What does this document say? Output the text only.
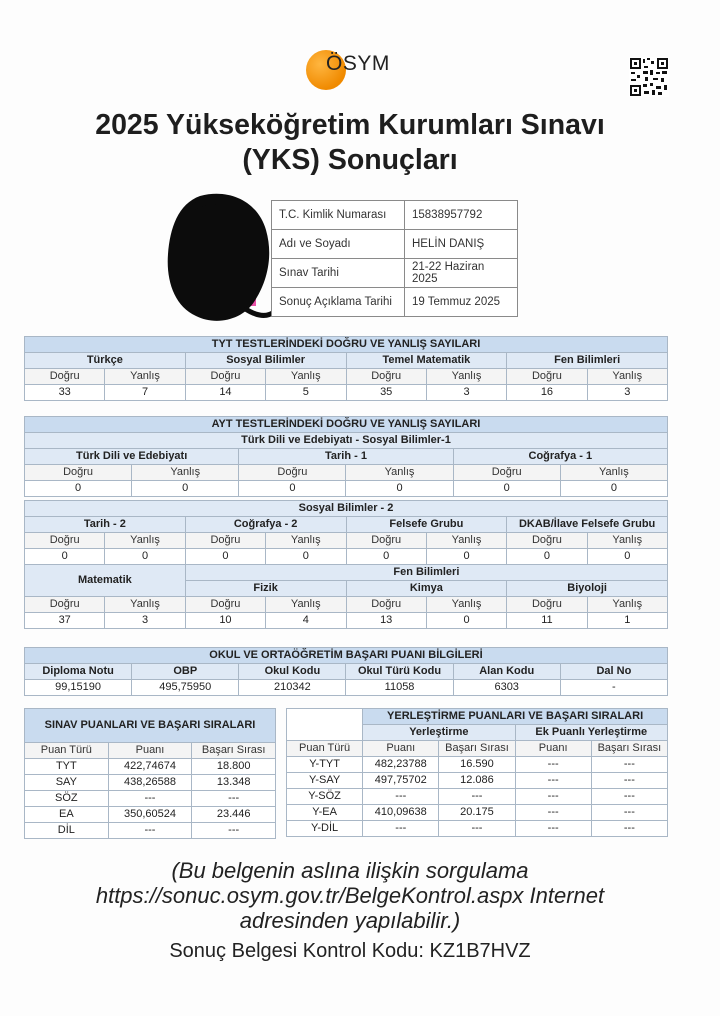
ÖSYM
2025 Yükseköğretim Kurumları Sınavı
(YKS) Sonuçları
T.C. Kimlik Numarası	15838957792
Adı ve Soyadı	HELİN DANIŞ
Sınav Tarihi	21-22 Haziran 2025
Sonuç Açıklama Tarihi	19 Temmuz 2025
TYT TESTLERİNDEKİ DOĞRU VE YANLIŞ SAYILARI							
Türkçe		Sosyal Bilimler		Temel Matematik		Fen Bilimleri	
Doğru	Yanlış	Doğru	Yanlış	Doğru	Yanlış	Doğru	Yanlış
33	7	14	5	35	3	16	3
AYT TESTLERİNDEKİ DOĞRU VE YANLIŞ SAYILARI					
Türk Dili ve Edebiyatı - Sosyal Bilimler-1					
Türk Dili ve Edebiyatı		Tarih - 1		Coğrafya - 1	
Doğru	Yanlış	Doğru	Yanlış	Doğru	Yanlış
0	0	0	0	0	0
Sosyal Bilimler - 2							
Tarih - 2		Coğrafya - 2		Felsefe Grubu		DKAB/İlave Felsefe Grubu	
Doğru	Yanlış	Doğru	Yanlış	Doğru	Yanlış	Doğru	Yanlış
0	0	0	0	0	0	0	0
Matematik		Fen Bilimleri					
		Fizik		Kimya		Biyoloji	
Doğru	Yanlış	Doğru	Yanlış	Doğru	Yanlış	Doğru	Yanlış
37	3	10	4	13	0	11	1
OKUL VE ORTAÖĞRETİM BAŞARI PUANI BİLGİLERİ					
Diploma Notu	OBP	Okul Kodu	Okul Türü Kodu	Alan Kodu	Dal No
99,15190	495,75950	210342	11058	6303	-
SINAV PUANLARI VE BAŞARI SIRALARI		
Puan Türü	Puanı	Başarı Sırası
TYT	422,74674	18.800
SAY	438,26588	13.348
SÖZ	---	---
EA	350,60524	23.446
DİL	---	---
	YERLEŞTİRME PUANLARI VE BAŞARI SIRALARI			
	Yerleştirme		Ek Puanlı Yerleştirme	
Puan Türü	Puanı	Başarı Sırası	Puanı	Başarı Sırası
Y-TYT	482,23788	16.590	---	---
Y-SAY	497,75702	12.086	---	---
Y-SÖZ	---	---	---	---
Y-EA	410,09638	20.175	---	---
Y-DİL	---	---	---	---
(Bu belgenin aslına ilişkin sorgulama
https://sonuc.osym.gov.tr/BelgeKontrol.aspx Internet
adresinden yapılabilir.)
Sonuç Belgesi Kontrol Kodu: KZ1B7HVZ
